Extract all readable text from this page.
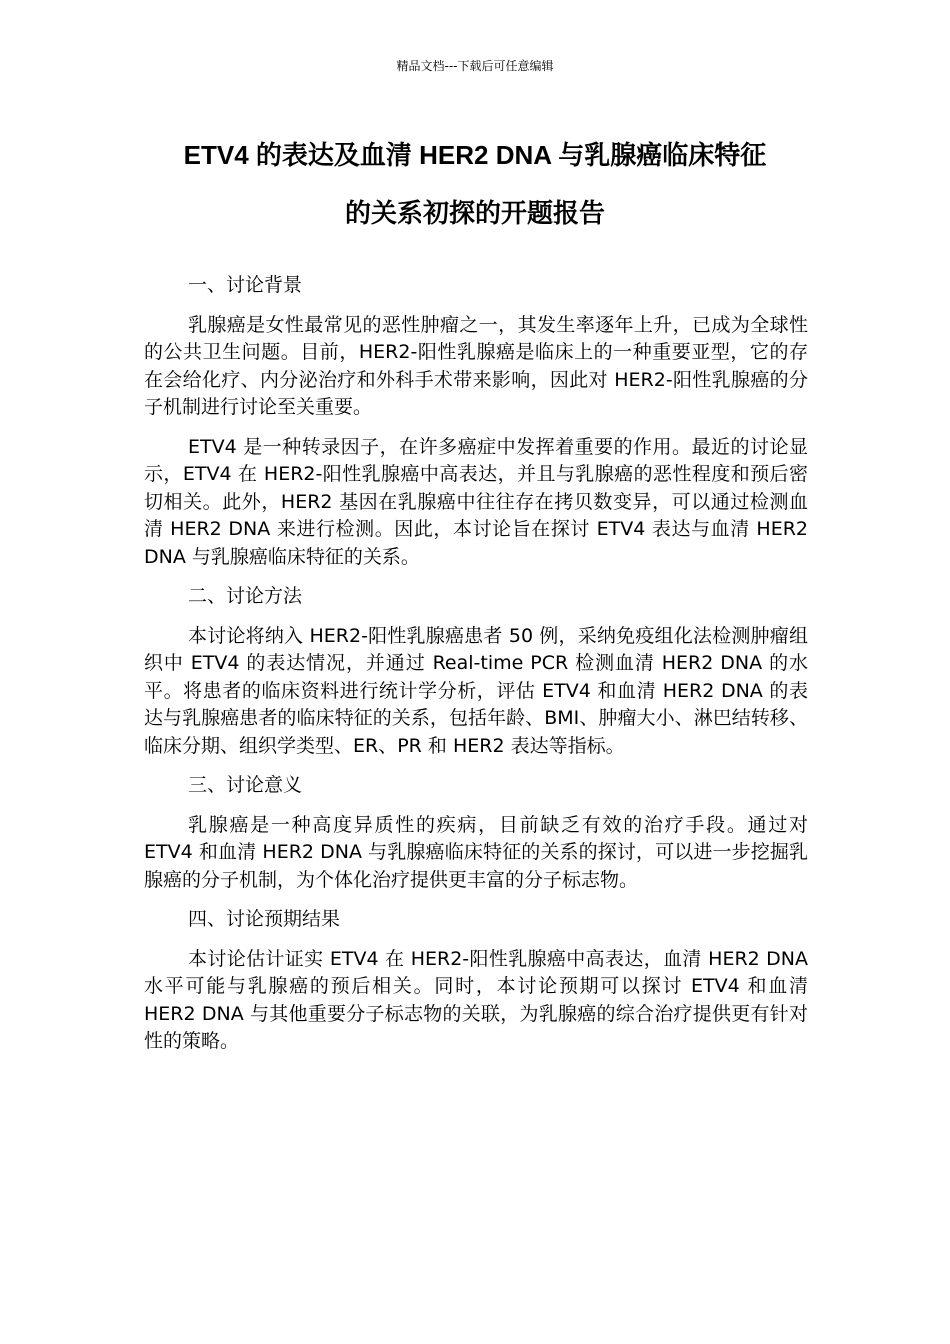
精品文档---下载后可任意编辑
ETV4 的表达及血清 HER2 DNA 与乳腺癌临床特征
的关系初探的开题报告
一、讨论背景

乳腺癌是女性最常见的恶性肿瘤之一，其发生率逐年上升，已成为全球性的公共卫生问题。目前，HER2-阳性乳腺癌是临床上的一种重要亚型，它的存在会给化疗、内分泌治疗和外科手术带来影响，因此对 HER2-阳性乳腺癌的分子机制进行讨论至关重要。

ETV4 是一种转录因子，在许多癌症中发挥着重要的作用。最近的讨论显示，ETV4 在 HER2-阳性乳腺癌中高表达，并且与乳腺癌的恶性程度和预后密切相关。此外，HER2 基因在乳腺癌中往往存在拷贝数变异，可以通过检测血清 HER2 DNA 来进行检测。因此，本讨论旨在探讨 ETV4 表达与血清 HER2 DNA 与乳腺癌临床特征的关系。

二、讨论方法

本讨论将纳入 HER2-阳性乳腺癌患者 50 例，采纳免疫组化法检测肿瘤组织中 ETV4 的表达情况，并通过 Real-time PCR 检测血清 HER2 DNA 的水平。将患者的临床资料进行统计学分析，评估 ETV4 和血清 HER2 DNA 的表达与乳腺癌患者的临床特征的关系，包括年龄、BMI、肿瘤大小、淋巴结转移、临床分期、组织学类型、ER、PR 和 HER2 表达等指标。

三、讨论意义

乳腺癌是一种高度异质性的疾病，目前缺乏有效的治疗手段。通过对 ETV4 和血清 HER2 DNA 与乳腺癌临床特征的关系的探讨，可以进一步挖掘乳腺癌的分子机制，为个体化治疗提供更丰富的分子标志物。

四、讨论预期结果

本讨论估计证实 ETV4 在 HER2-阳性乳腺癌中高表达，血清 HER2 DNA 水平可能与乳腺癌的预后相关。同时，本讨论预期可以探讨 ETV4 和血清 HER2 DNA 与其他重要分子标志物的关联，为乳腺癌的综合治疗提供更有针对性的策略。
